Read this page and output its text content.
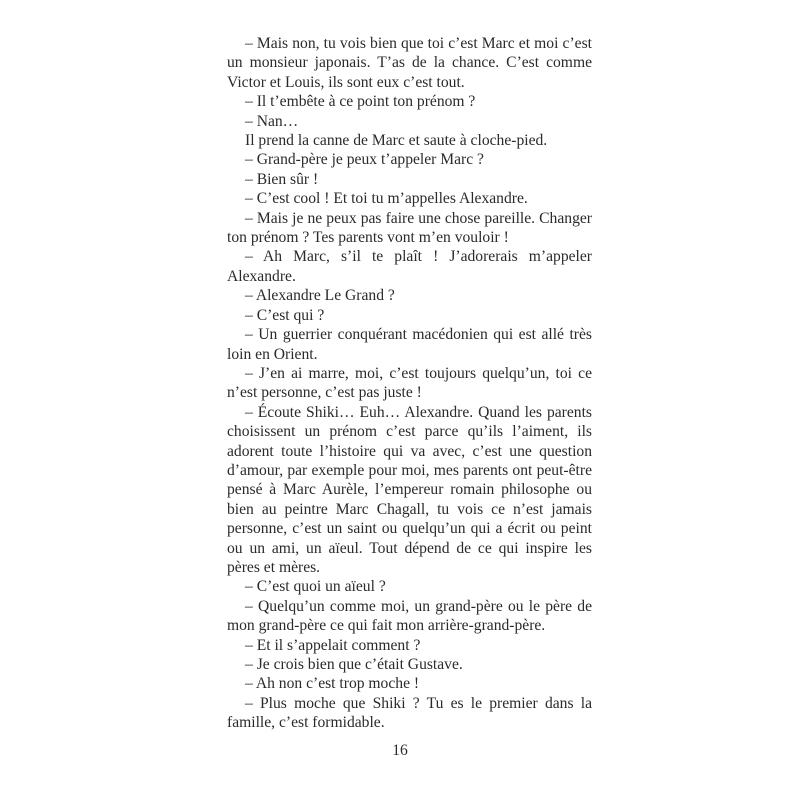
– Mais non, tu vois bien que toi c’est Marc et moi c’est un monsieur japonais. T’as de la chance. C’est comme Victor et Louis, ils sont eux c’est tout.

– Il t’embête à ce point ton prénom ?

– Nan…

Il prend la canne de Marc et saute à cloche-pied.

– Grand-père je peux t’appeler Marc ?

– Bien sûr !

– C’est cool ! Et toi tu m’appelles Alexandre.

– Mais je ne peux pas faire une chose pareille. Changer ton prénom ? Tes parents vont m’en vouloir !

– Ah Marc, s’il te plaît ! J’adorerais m’appeler Alexandre.

– Alexandre Le Grand ?

– C’est qui ?

– Un guerrier conquérant macédonien qui est allé très loin en Orient.

– J’en ai marre, moi, c’est toujours quelqu’un, toi ce n’est personne, c’est pas juste !

– Écoute Shiki… Euh… Alexandre. Quand les parents choisissent un prénom c’est parce qu’ils l’aiment, ils adorent toute l’histoire qui va avec, c’est une question d’amour, par exemple pour moi, mes parents ont peut-être pensé à Marc Aurèle, l’empereur romain philosophe ou bien au peintre Marc Chagall, tu vois ce n’est jamais personne, c’est un saint ou quelqu’un qui a écrit ou peint ou un ami, un aïeul. Tout dépend de ce qui inspire les pères et mères.

– C’est quoi un aïeul ?

– Quelqu’un comme moi, un grand-père ou le père de mon grand-père ce qui fait mon arrière-grand-père.

– Et il s’appelait comment ?

– Je crois bien que c’était Gustave.

– Ah non c’est trop moche !

– Plus moche que Shiki ? Tu es le premier dans la famille, c’est formidable.

16
